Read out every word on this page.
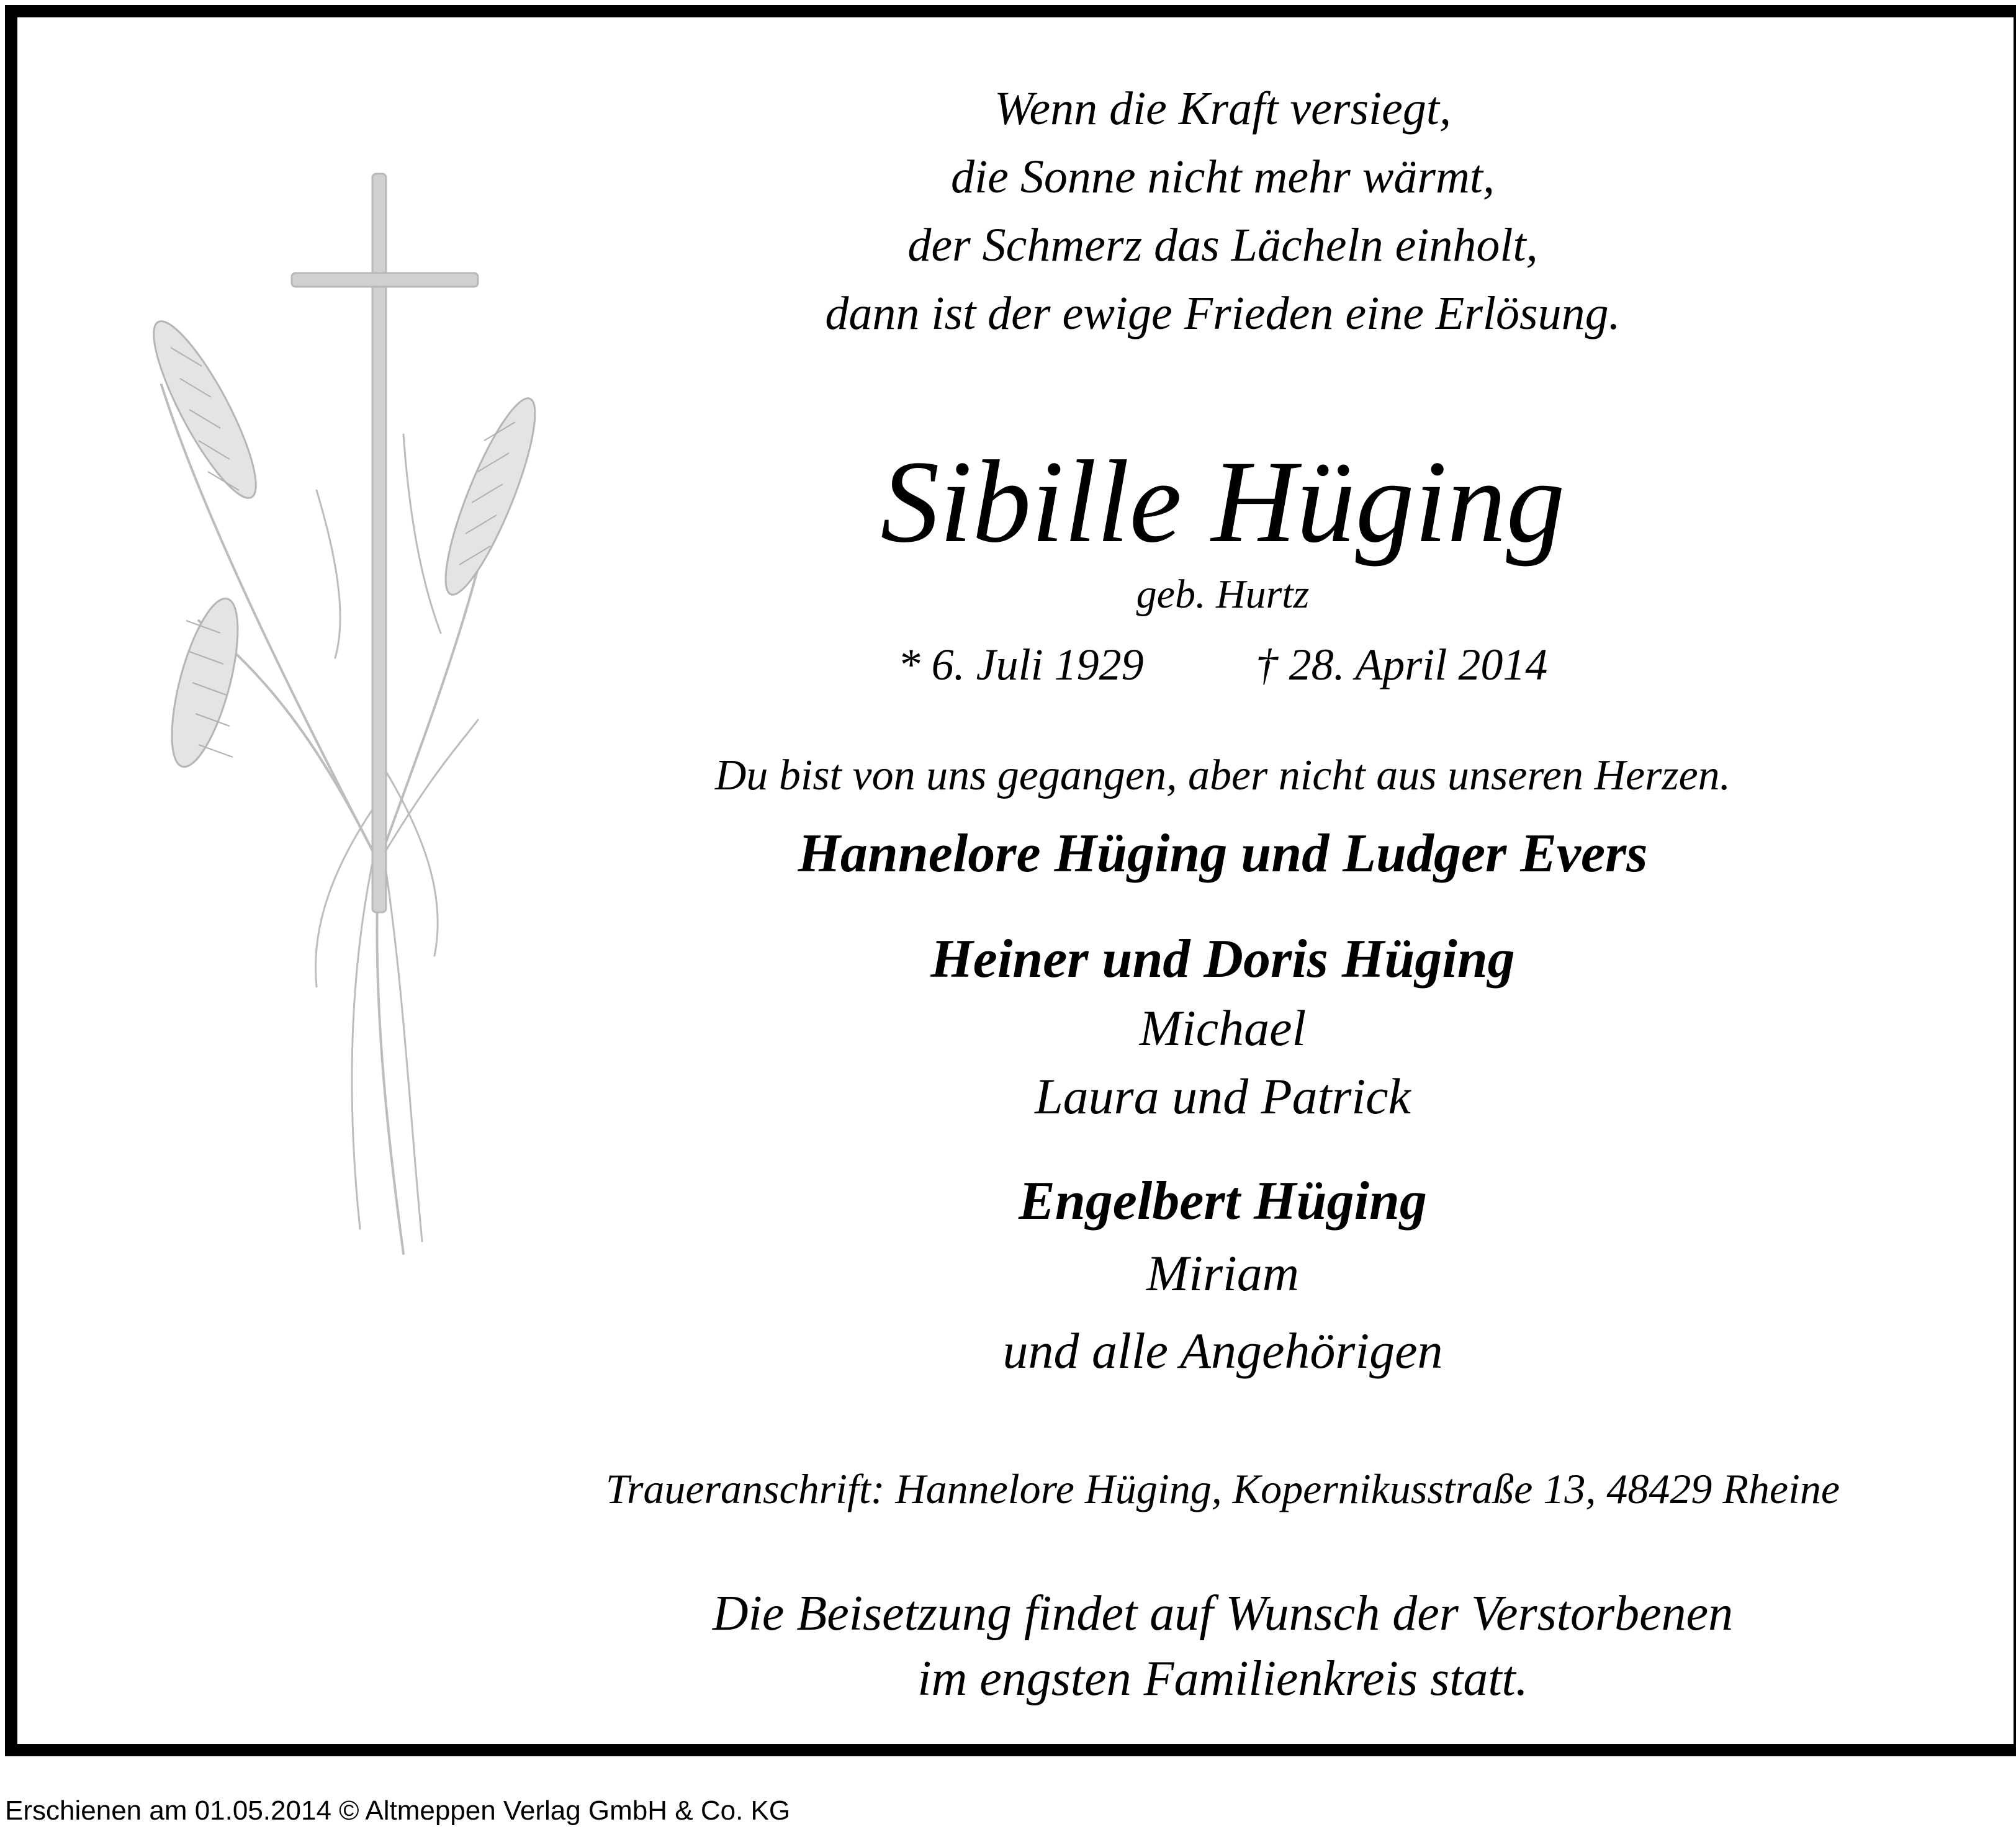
Wenn die Kraft versiegt,
die Sonne nicht mehr wärmt,
der Schmerz das Lächeln einholt,
dann ist der ewige Frieden eine Erlösung.
Sibille Hüging
geb. Hurtz
* 6. Juli 1929	† 28. April 2014
Du bist von uns gegangen, aber nicht aus unseren Herzen.
Hannelore Hüging und Ludger Evers
Heiner und Doris Hüging
Michael
Laura und Patrick
Engelbert Hüging
Miriam
und alle Angehörigen
Traueranschrift: Hannelore Hüging, Kopernikusstraße 13, 48429 Rheine
Die Beisetzung findet auf Wunsch der Verstorbenen
im engsten Familienkreis statt.
Erschienen am 01.05.2014 © Altmeppen Verlag GmbH & Co. KG
